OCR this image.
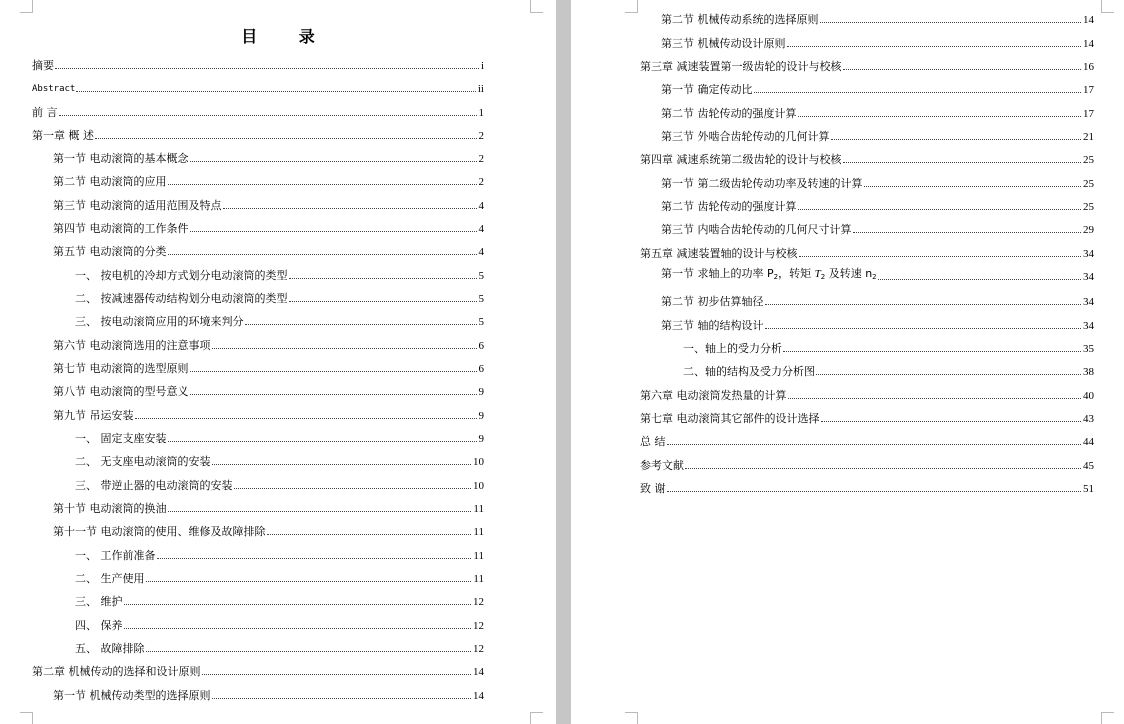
目 录
摘要	i
Abstract	ii
前 言	1
第一章 概 述	2
第一节 电动滚筒的基本概念	2
第二节 电动滚筒的应用	2
第三节 电动滚筒的适用范围及特点	4
第四节 电动滚筒的工作条件	4
第五节 电动滚筒的分类	4
一、 按电机的冷却方式划分电动滚筒的类型	5
二、 按减速器传动结构划分电动滚筒的类型	5
三、 按电动滚筒应用的环境来判分	5
第六节 电动滚筒选用的注意事项	6
第七节 电动滚筒的选型原则	6
第八节 电动滚筒的型号意义	9
第九节 吊运安装	9
一、 固定支座安装	9
二、 无支座电动滚筒的安装	10
三、 带逆止器的电动滚筒的安装	10
第十节 电动滚筒的换油	11
第十一节 电动滚筒的使用、维修及故障排除	11
一、 工作前准备	11
二、 生产使用	11
三、 维护	12
四、 保养	12
五、 故障排除	12
第二章 机械传动的选择和设计原则	14
第一节 机械传动类型的选择原则	14
第二节 机械传动系统的选择原则	14
第三节 机械传动设计原则	14
第三章 减速装置第一级齿轮的设计与校核	16
第一节 确定传动比	17
第二节 齿轮传动的强度计算	17
第三节 外啮合齿轮传动的几何计算	21
第四章 减速系统第二级齿轮的设计与校核	25
第一节 第二级齿轮传动功率及转速的计算	25
第二节 齿轮传动的强度计算	25
第三节 内啮合齿轮传动的几何尺寸计算	29
第五章 减速装置轴的设计与校核	34
第一节 求轴上的功率 $P_2$，转矩 $T_2$ 及转速 $n_2$	34
第二节 初步估算轴径	34
第三节 轴的结构设计	34
一、轴上的受力分析	35
二、轴的结构及受力分析图	38
第六章 电动滚筒发热量的计算	40
第七章 电动滚筒其它部件的设计选择	43
总 结	44
参考文献	45
致 谢	51
